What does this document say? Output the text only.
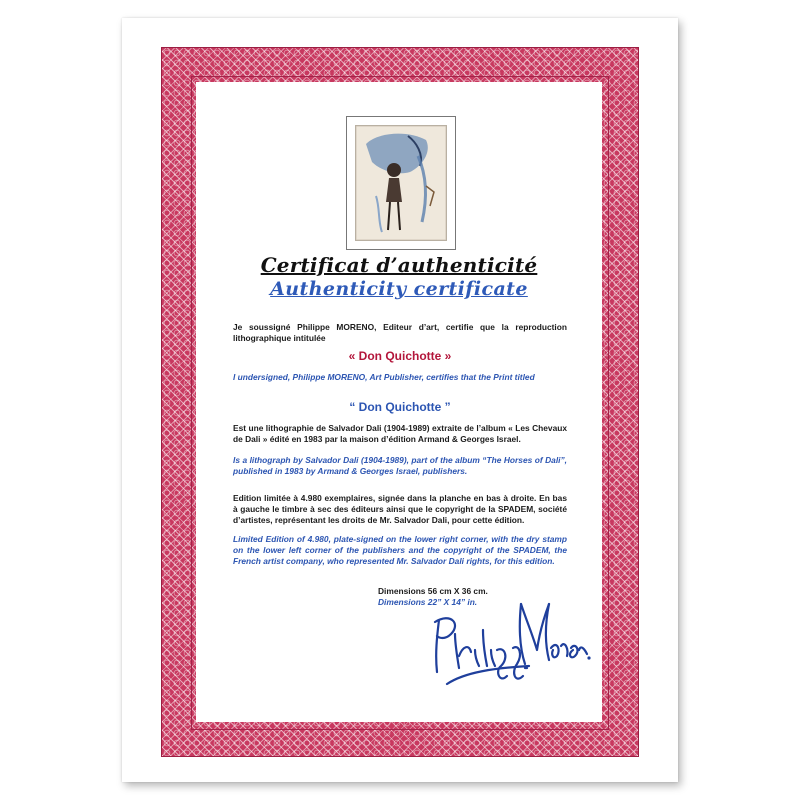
Certificat d’authenticité
Authenticity certificate
Je soussigné Philippe MORENO, Editeur d’art, certifie que la reproduction lithographique intitulée
« Don Quichotte »
I undersigned, Philippe MORENO, Art Publisher, certifies that the Print titled
“ Don Quichotte ”
Est une lithographie de Salvador Dali (1904-1989) extraite de l’album « Les Chevaux de Dali » édité en 1983 par la maison d’édition Armand & Georges Israel.
Is a lithograph by Salvador Dali (1904-1989), part of the album “The Horses of Dali”, published in 1983 by Armand & Georges Israel, publishers.
Edition limitée à 4.980 exemplaires, signée dans la planche en bas à droite. En bas à gauche le timbre à sec des éditeurs ainsi que le copyright de la SPADEM, société d’artistes, représentant les droits de Mr. Salvador Dali, pour cette édition.
Limited Edition of 4.980, plate-signed on the lower right corner, with the dry stamp on the lower left corner of the publishers and the copyright of the SPADEM, the French artist company, who represented Mr. Salvador Dali rights, for this edition.
Dimensions 56 cm X 36 cm.
Dimensions 22” X 14” in.
